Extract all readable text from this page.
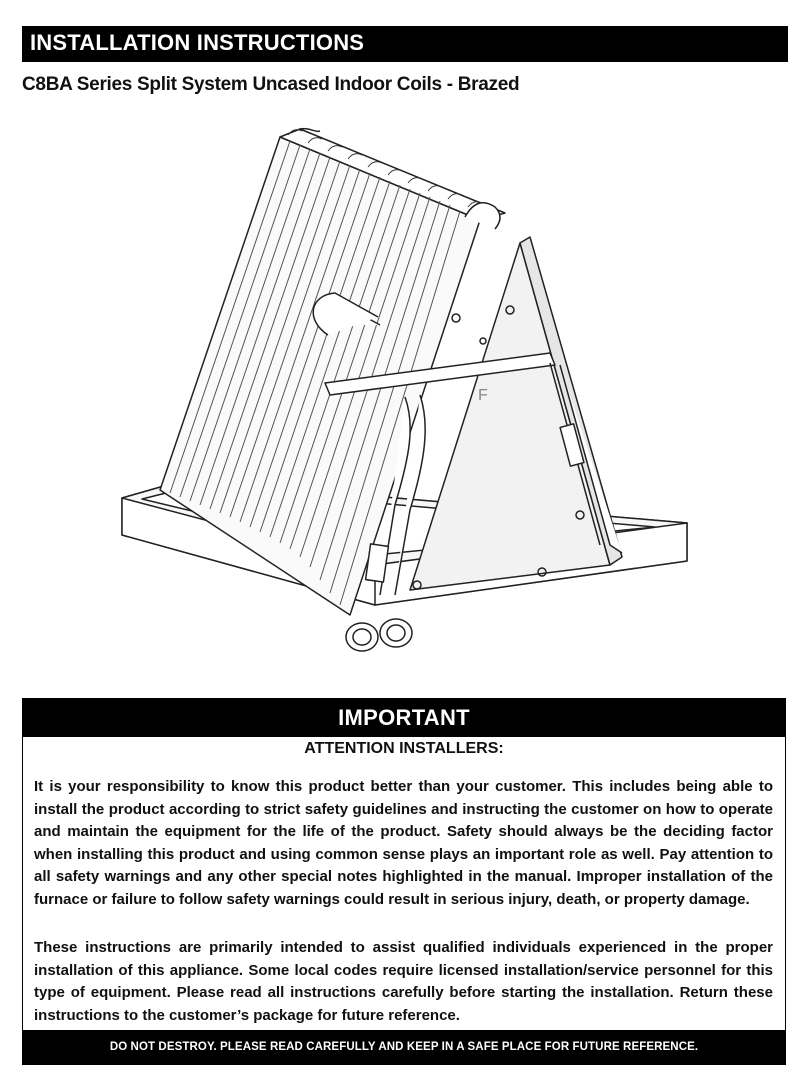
INSTALLATION INSTRUCTIONS
C8BA Series Split System Uncased Indoor Coils - Brazed
F
IMPORTANT
ATTENTION INSTALLERS:

It is your responsibility to know this product better than your customer. This includes being able to install the product according to strict safety guidelines and instructing the customer on how to operate and maintain the equipment for the life of the product. Safety should always be the deciding factor when installing this product and using common sense plays an important role as well. Pay attention to all safety warnings and any other special notes highlighted in the manual. Improper installation of the furnace or failure to follow safety warnings could result in serious injury, death, or property damage.

These instructions are primarily intended to assist qualified individuals experienced in the proper installation of this appliance. Some local codes require licensed installation/service personnel for this type of equipment. Please read all instructions carefully before starting the installation. Return these instructions to the customer’s package for future reference.

DO NOT DESTROY. PLEASE READ CAREFULLY AND KEEP IN A SAFE PLACE FOR FUTURE REFERENCE.
